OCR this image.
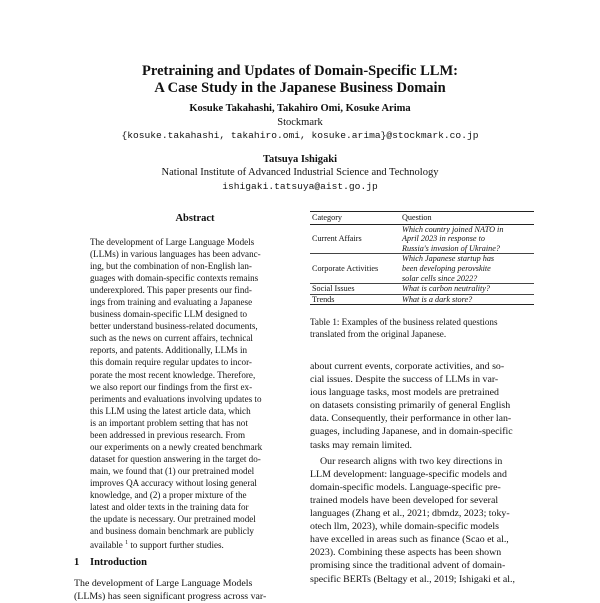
Pretraining and Updates of Domain-Specific LLM:
A Case Study in the Japanese Business Domain
Kosuke Takahashi, Takahiro Omi, Kosuke Arima
Stockmark
{kosuke.takahashi, takahiro.omi, kosuke.arima}@stockmark.co.jp
Tatsuya Ishigaki
National Institute of Advanced Industrial Science and Technology
ishigaki.tatsuya@aist.go.jp
Abstract
The development of Large Language Models
(LLMs) in various languages has been advanc-
ing, but the combination of non-English lan-
guages with domain-specific contexts remains
underexplored. This paper presents our find-
ings from training and evaluating a Japanese
business domain-specific LLM designed to
better understand business-related documents,
such as the news on current affairs, technical
reports, and patents. Additionally, LLMs in
this domain require regular updates to incor-
porate the most recent knowledge. Therefore,
we also report our findings from the first ex-
periments and evaluations involving updates to
this LLM using the latest article data, which
is an important problem setting that has not
been addressed in previous research. From
our experiments on a newly created benchmark
dataset for question answering in the target do-
main, we found that (1) our pretrained model
improves QA accuracy without losing general
knowledge, and (2) a proper mixture of the
latest and older texts in the training data for
the update is necessary. Our pretrained model
and business domain benchmark are publicly
available $^1$ to support further studies.
1 Introduction
The development of Large Language Models
(LLMs) has seen significant progress across var-
Category	Question
Current Affairs	Which country joined NATO in
April 2023 in response to
Russia's invasion of Ukraine?

Corporate Activities	Which Japanese startup has
been developing perovskite
solar cells since 2022?

Social Issues	What is carbon neutrality?

Trends	What is a dark store?
Table 1: Examples of the business related questions
translated from the original Japanese.
about current events, corporate activities, and so-
cial issues. Despite the success of LLMs in var-
ious language tasks, most models are pretrained
on datasets consisting primarily of general English
data. Consequently, their performance in other lan-
guages, including Japanese, and in domain-specific
tasks may remain limited.
Our research aligns with two key directions in
LLM development: language-specific models and
domain-specific models. Language-specific pre-
trained models have been developed for several
languages (Zhang et al., 2021; dbmdz, 2023; toky-
otech llm, 2023), while domain-specific models
have excelled in areas such as finance (Scao et al.,
2023). Combining these aspects has been shown
promising since the traditional advent of domain-
specific BERTs (Beltagy et al., 2019; Ishigaki et al.,
